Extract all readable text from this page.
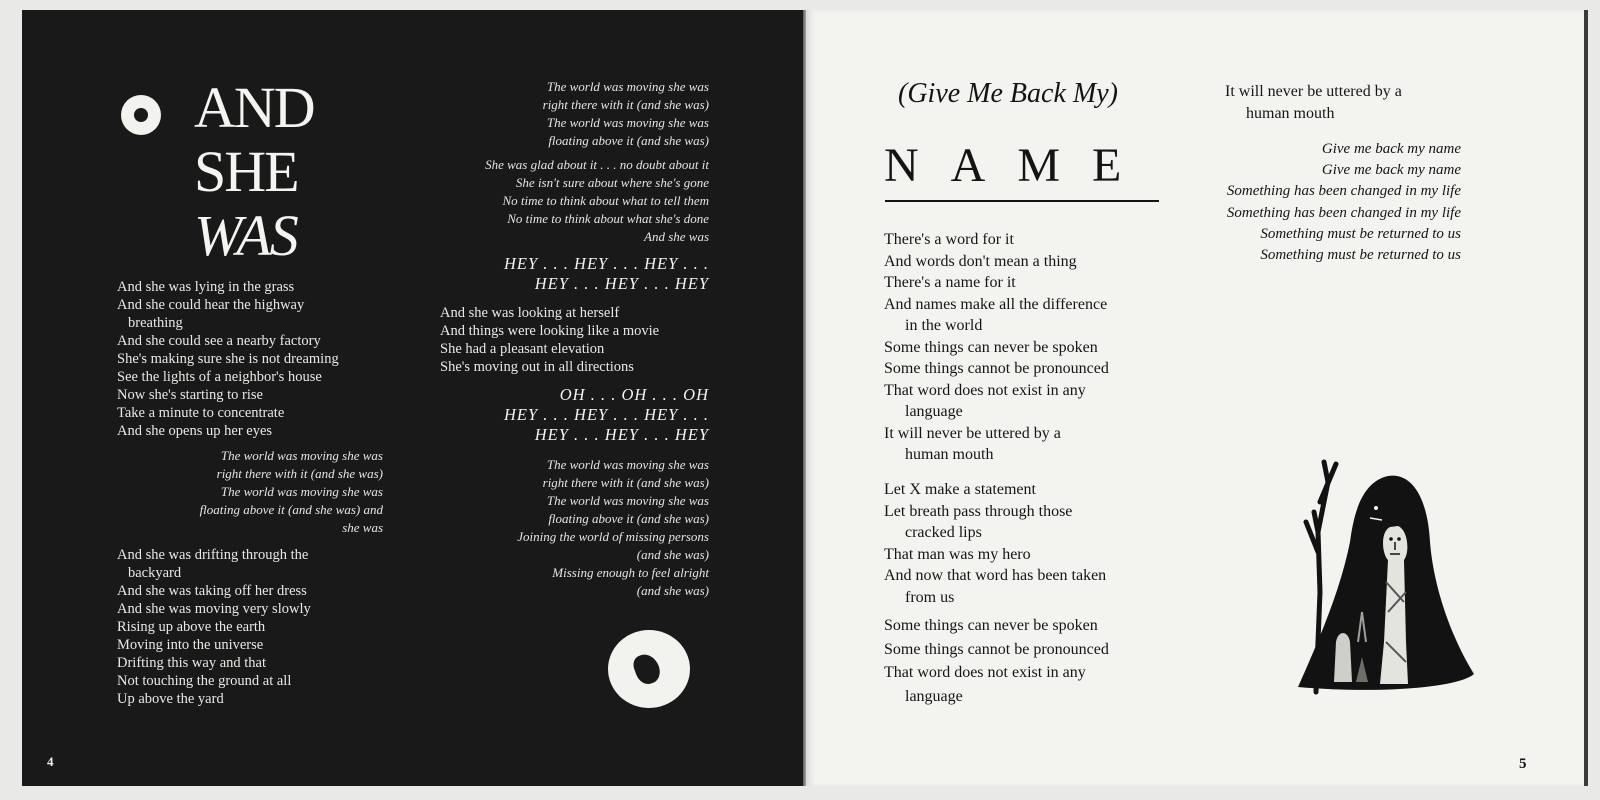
AND
SHE
WAS
And she was lying in the grass
And she could hear the highway
breathing
And she could see a nearby factory
She's making sure she is not dreaming
See the lights of a neighbor's house
Now she's starting to rise
Take a minute to concentrate
And she opens up her eyes
The world was moving she was
right there with it (and she was)
The world was moving she was
floating above it (and she was) and
she was
And she was drifting through the
backyard
And she was taking off her dress
And she was moving very slowly
Rising up above the earth
Moving into the universe
Drifting this way and that
Not touching the ground at all
Up above the yard
The world was moving she was
right there with it (and she was)
The world was moving she was
floating above it (and she was)
She was glad about it . . . no doubt about it
She isn't sure about where she's gone
No time to think about what to tell them
No time to think about what she's done
And she was
HEY . . . HEY . . . HEY . . .
HEY . . . HEY . . . HEY
And she was looking at herself
And things were looking like a movie
She had a pleasant elevation
She's moving out in all directions
OH . . . OH . . . OH
HEY . . . HEY . . . HEY . . .
HEY . . . HEY . . . HEY
The world was moving she was
right there with it (and she was)
The world was moving she was
floating above it (and she was)
Joining the world of missing persons
(and she was)
Missing enough to feel alright
(and she was)
4
(Give Me Back My)
NAME
There's a word for it
And words don't mean a thing
There's a name for it
And names make all the difference
in the world
Some things can never be spoken
Some things cannot be pronounced
That word does not exist in any
language
It will never be uttered by a
human mouth
Let X make a statement
Let breath pass through those
cracked lips
That man was my hero
And now that word has been taken
from us
Some things can never be spoken
Some things cannot be pronounced
That word does not exist in any
language
It will never be uttered by a
human mouth
Give me back my name
Give me back my name
Something has been changed in my life
Something has been changed in my life
Something must be returned to us
Something must be returned to us
5
